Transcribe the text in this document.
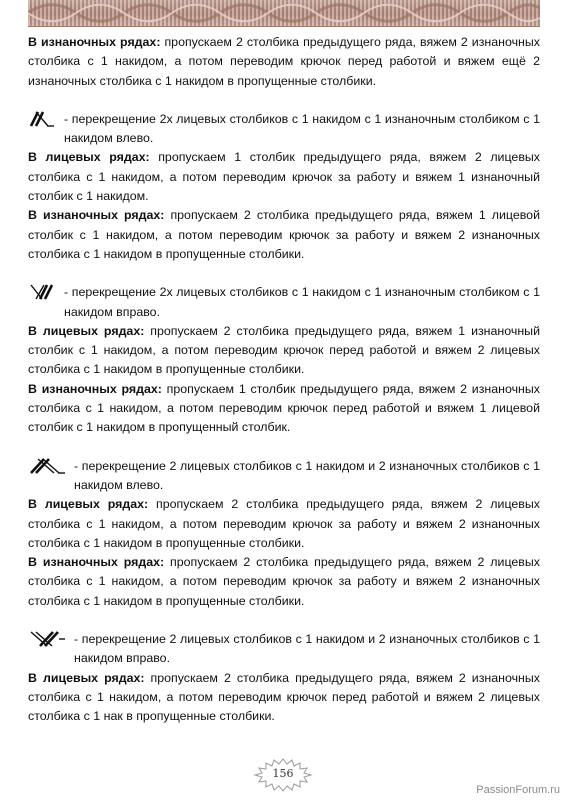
В изнаночных рядах: пропускаем 2 столбика предыдущего ряда, вяжем 2 изнаночных столбика с 1 накидом, а потом переводим крючок перед работой и вяжем ещё 2 изнаночных столбика с 1 накидом в пропущенные столбики.

- перекрещение 2х лицевых столбиков с 1 накидом с 1 изнаночным столбиком с 1 накидом влево.

В лицевых рядах: пропускаем 1 столбик предыдущего ряда, вяжем 2 лицевых столбика с 1 накидом, а потом переводим крючок за работу и вяжем 1 изнаночный столбик с 1 накидом.

В изнаночных рядах: пропускаем 2 столбика предыдущего ряда, вяжем 1 лицевой столбик с 1 накидом, а потом переводим крючок за работу и вяжем 2 изнаночных столбика с 1 накидом в пропущенные столбики.

- перекрещение 2х лицевых столбиков с 1 накидом с 1 изнаночным столбиком с 1 накидом вправо.

В лицевых рядах: пропускаем 2 столбика предыдущего ряда, вяжем 1 изнаночный столбик с 1 накидом, а потом переводим крючок перед работой и вяжем 2 лицевых столбика с 1 накидом в пропущенные столбики.

В изнаночных рядах: пропускаем 1 столбик предыдущего ряда, вяжем 2 изнаночных столбика с 1 накидом, а потом переводим крючок перед работой и вяжем 1 лицевой столбик с 1 накидом в пропущенный столбик.

- перекрещение 2 лицевых столбиков с 1 накидом и 2 изнаночных столбиков с 1 накидом влево.

В лицевых рядах: пропускаем 2 столбика предыдущего ряда, вяжем 2 лицевых столбика с 1 накидом, а потом переводим крючок за работу и вяжем 2 изнаночных столбика с 1 накидом в пропущенные столбики.

В изнаночных рядах: пропускаем 2 столбика предыдущего ряда, вяжем 2 лицевых столбика с 1 накидом, а потом переводим крючок за работу и вяжем 2 изнаночных столбика с 1 накидом в пропущенные столбики.

- перекрещение 2 лицевых столбиков с 1 накидом и 2 изнаночных столбиков с 1 накидом вправо.

В лицевых рядах: пропускаем 2 столбика предыдущего ряда, вяжем 2 изнаночных столбика с 1 накидом, а потом переводим крючок перед работой и вяжем 2 лицевых столбика с 1 нак в пропущенные столбики.

156
PassionForum.ru
